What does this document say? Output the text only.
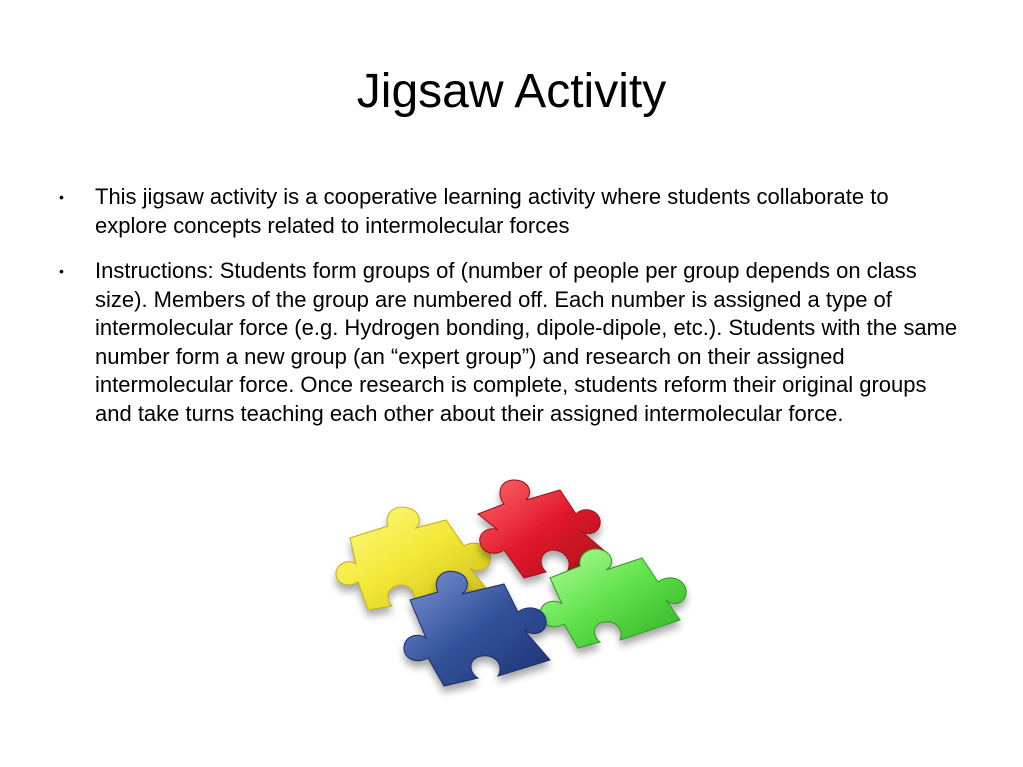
Jigsaw Activity
• This jigsaw activity is a cooperative learning activity where students collaborate to explore concepts related to intermolecular forces
• Instructions: Students form groups of (number of people per group depends on class size). Members of the group are numbered off. Each number is assigned a type of intermolecular force (e.g. Hydrogen bonding, dipole-dipole, etc.). Students with the same number form a new group (an “expert group”) and research on their assigned intermolecular force. Once research is complete, students reform their original groups and take turns teaching each other about their assigned intermolecular force.
